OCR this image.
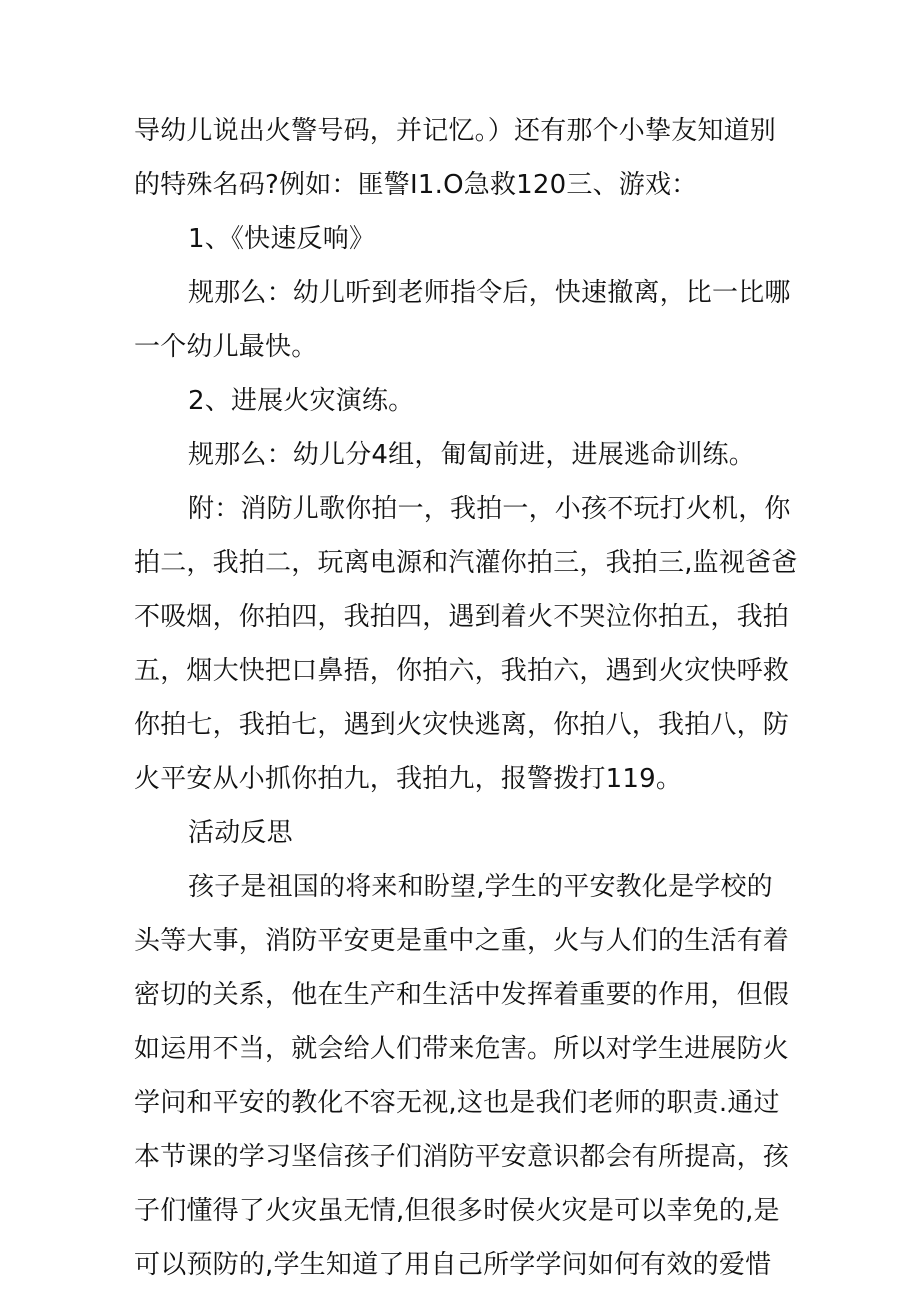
导幼儿说出火警号码，并记忆。）还有那个小挚友知道别
的特殊名码?例如：匪警I1.O急救120三、游戏：
1、《快速反响》
规那么：幼儿听到老师指令后，快速撤离，比一比哪
一个幼儿最快。
2、进展火灾演练。
规那么：幼儿分4组，匍匐前进，进展逃命训练。
附：消防儿歌你拍一，我拍一，小孩不玩打火机，你
拍二，我拍二，玩离电源和汽灌你拍三，我拍三,监视爸爸
不吸烟，你拍四，我拍四，遇到着火不哭泣你拍五，我拍
五，烟大快把口鼻捂，你拍六，我拍六，遇到火灾快呼救
你拍七，我拍七，遇到火灾快逃离，你拍八，我拍八，防
火平安从小抓你拍九，我拍九，报警拨打119。
活动反思
孩子是祖国的将来和盼望,学生的平安教化是学校的
头等大事，消防平安更是重中之重，火与人们的生活有着
密切的关系，他在生产和生活中发挥着重要的作用，但假
如运用不当，就会给人们带来危害。所以对学生进展防火
学问和平安的教化不容无视,这也是我们老师的职责.通过
本节课的学习坚信孩子们消防平安意识都会有所提高，孩
子们懂得了火灾虽无情,但很多时侯火灾是可以幸免的,是
可以预防的,学生知道了用自己所学学问如何有效的爱惜
